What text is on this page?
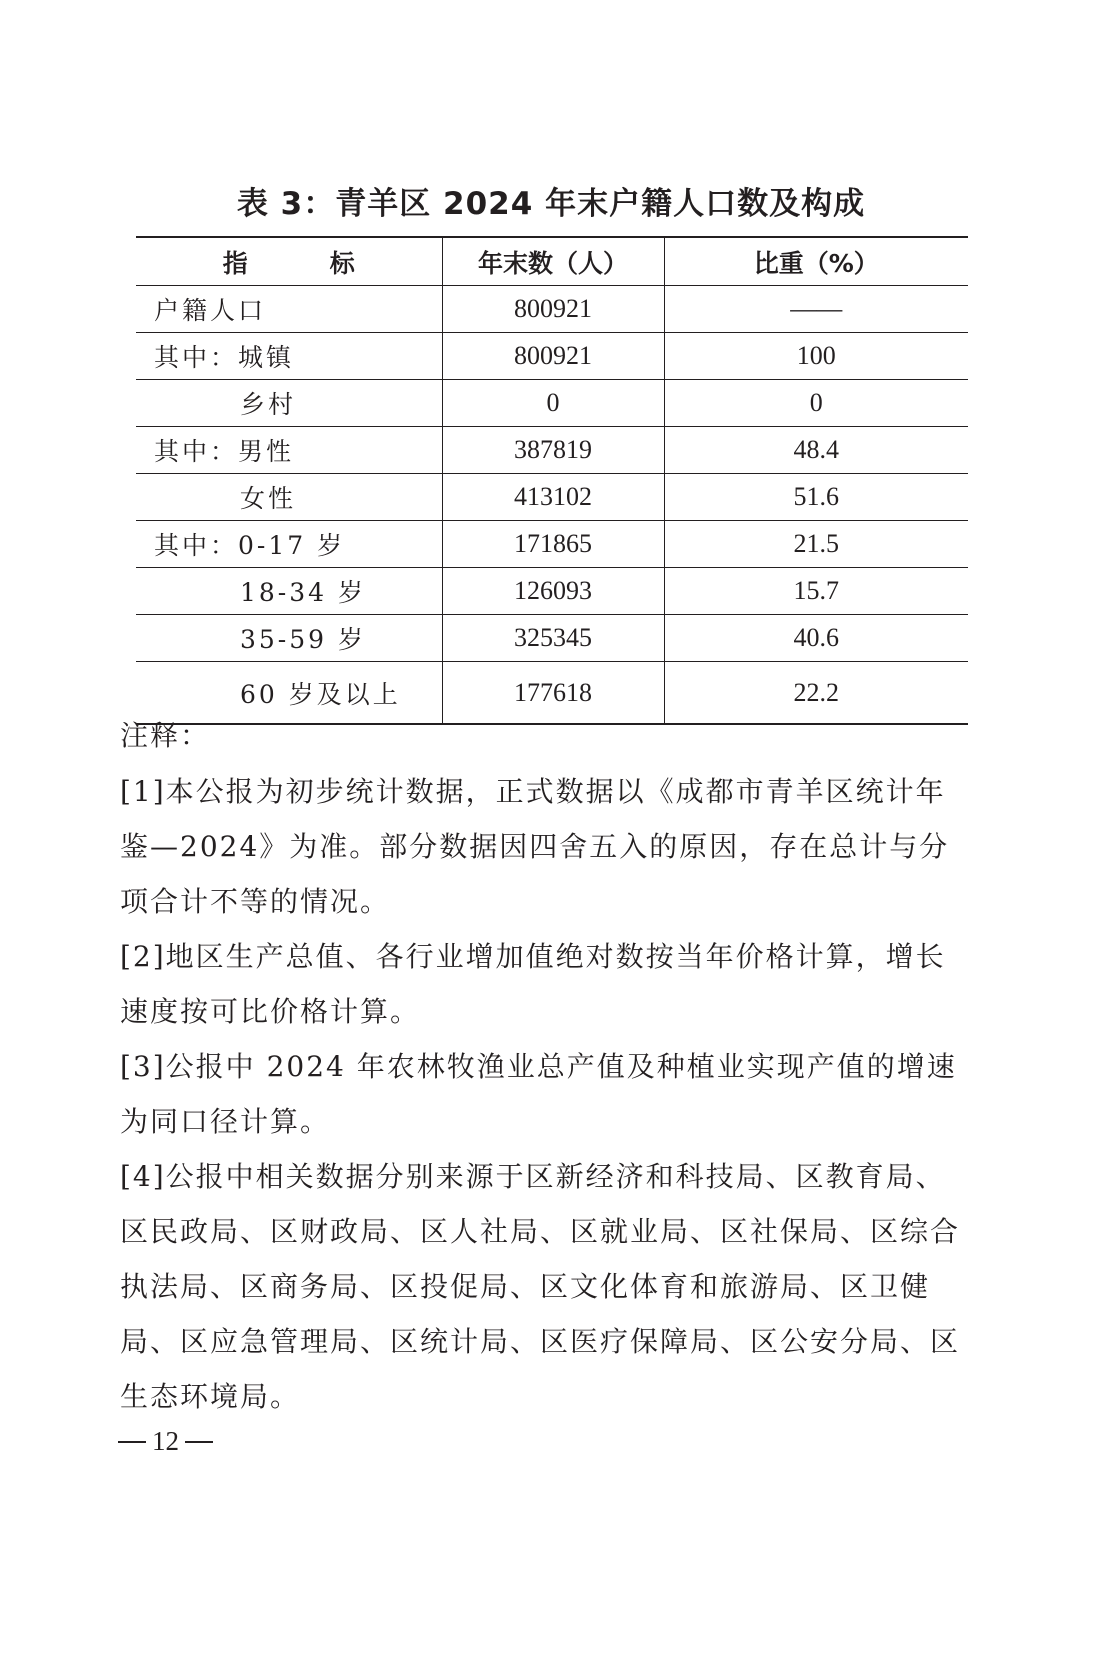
表 3：青羊区 2024 年末户籍人口数及构成
指 标	年末数（人）	比重（%）
户籍人口	800921	——
其中：城镇	800921	100
乡村	0	0
其中：男性	387819	48.4
女性	413102	51.6
其中：0-17 岁	171865	21.5
18-34 岁	126093	15.7
35-59 岁	325345	40.6
60 岁及以上	177618	22.2

注释：

[1]本公报为初步统计数据，正式数据以《成都市青羊区统计年鉴—2024》为准。部分数据因四舍五入的原因，存在总计与分项合计不等的情况。

[2]地区生产总值、各行业增加值绝对数按当年价格计算，增长速度按可比价格计算。

[3]公报中 2024 年农林牧渔业总产值及种植业实现产值的增速为同口径计算。

[4]公报中相关数据分别来源于区新经济和科技局、区教育局、区民政局、区财政局、区人社局、区就业局、区社保局、区综合执法局、区商务局、区投促局、区文化体育和旅游局、区卫健局、区应急管理局、区统计局、区医疗保障局、区公安分局、区生态环境局。

12
